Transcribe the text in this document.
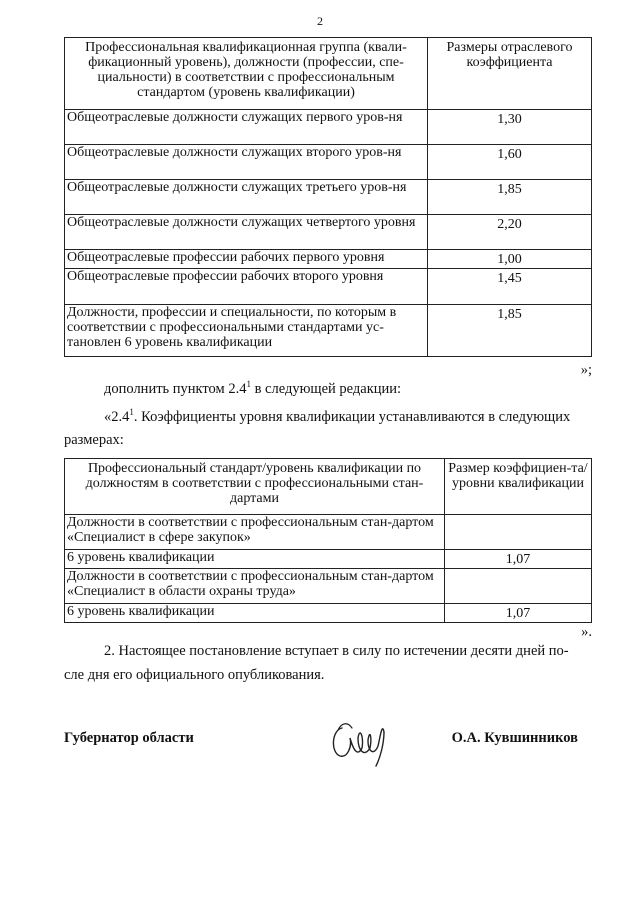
2
Профессиональная квалификационная группа (квали-фикационный уровень), должности (профессии, спе-циальности) в соответствии с профессиональным стандартом (уровень квалификации)	Размеры отраслевого коэффициента
Общеотраслевые должности служащих первого уров-ня	1,30
Общеотраслевые должности служащих второго уров-ня	1,60
Общеотраслевые должности служащих третьего уров-ня	1,85
Общеотраслевые должности служащих четвертого уровня	2,20
Общеотраслевые профессии рабочих первого уровня	1,00
Общеотраслевые профессии рабочих второго уровня	1,45
Должности, профессии и специальности, по которым в соответствии с профессиональными стандартами ус-тановлен 6 уровень квалификации	1,85
»;
дополнить пунктом $2.4^1$ в следующей редакции:
«$2.4^1$. Коэффициенты уровня квалификации устанавливаются в следующих
размерах:
Профессиональный стандарт/уровень квалификации по должностям в соответствии с профессиональными стан-дартами	Размер коэффициен-та/ уровни квалификации
Должности в соответствии с профессиональным стан-дартом «Специалист в сфере закупок»	
6 уровень квалификации	1,07
Должности в соответствии с профессиональным стан-дартом «Специалист в области охраны труда»	
6 уровень квалификации	1,07
».
2. Настоящее постановление вступает в силу по истечении десяти дней по-
сле дня его официального опубликования.
Губернатор области	О.А. Кувшинников
